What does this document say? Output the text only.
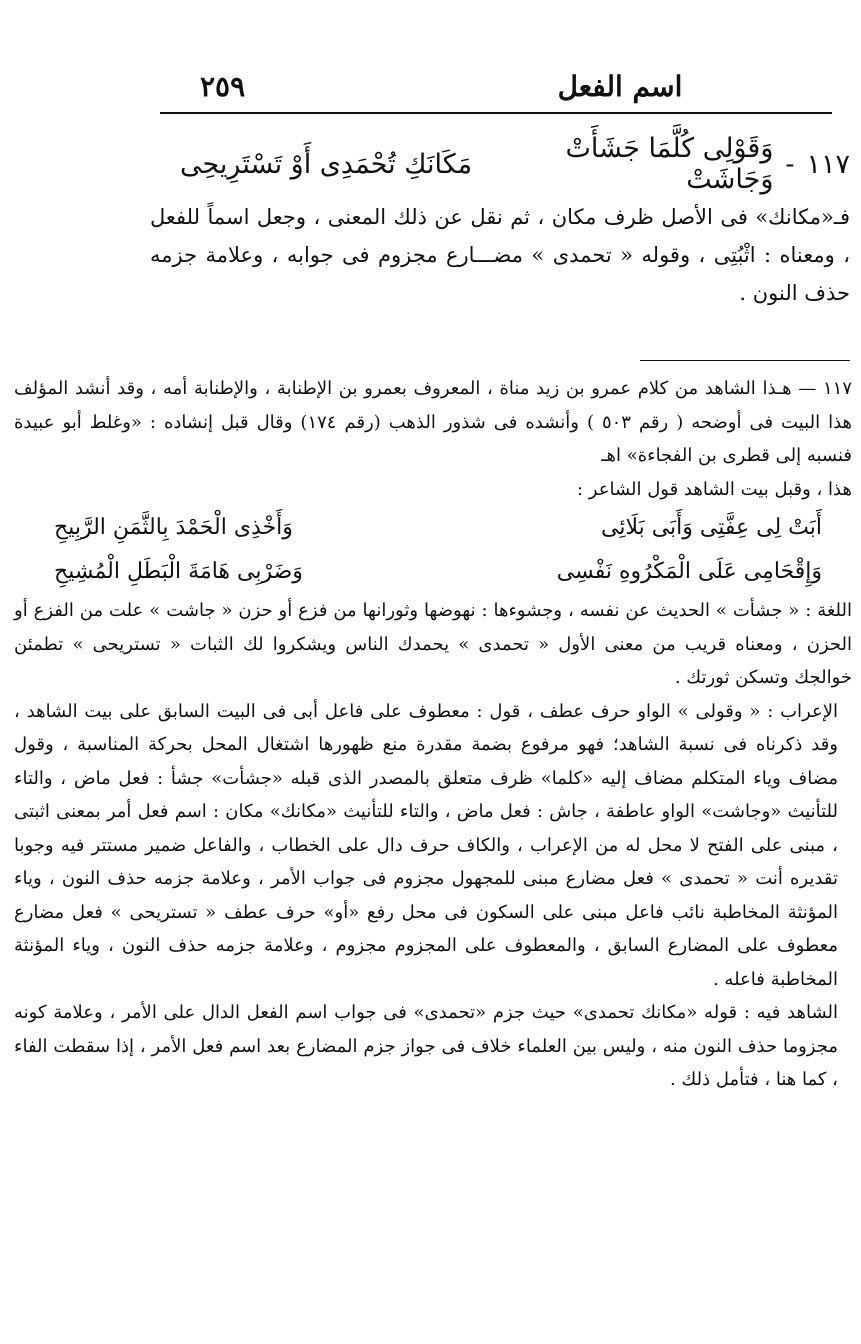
٢٥٩	اسم الفعل
١١٧
-
وَقَوْلِى كُلَّمَا جَشَأَتْ وَجَاشَتْ
مَكَانَكِ تُحْمَدِى أَوْ تَسْتَرِيحِى
فـ«مكانك» فى الأصل ظرف مكان ، ثم نقل عن ذلك المعنى ، وجعل اسماً للفعل ، ومعناه : اثْبُتِى ، وقوله « تحمدى » مضـــارع مجزوم فى جوابه ، وعلامة جزمه حذف النون .

١١٧ — هـذا الشاهد من كلام عمرو بن زيد مناة ، المعروف بعمرو بن الإطنابة ، والإطنابة أمه ، وقد أنشد المؤلف هذا البيت فى أوضحه ( رقم ٥٠٣ ) وأنشده فى شذور الذهب (رقم ١٧٤) وقال قبل إنشاده : «وغلط أبو عبيدة فنسبه إلى قطرى بن الفجاءة» اهـ

هذا ، وقبل بيت الشاهد قول الشاعر :

أَبَتْ لِى عِفَّتِى وَأَبَى بَلَائِى
وَأَخْذِى الْحَمْدَ بِالثَّمَنِ الرَّبِيحِ
وَإِقْحَامِى عَلَى الْمَكْرُوهِ نَفْسِى
وَضَرْبِى هَامَةَ الْبَطَلِ الْمُشِيحِ

اللغة : « جشأت » الحديث عن نفسه ، وجشوءها : نهوضها وثورانها من فزع أو حزن « جاشت » علت من الفزع أو الحزن ، ومعناه قريب من معنى الأول « تحمدى » يحمدك الناس ويشكروا لك الثبات « تستريحى » تطمئن خوالجك وتسكن ثورتك .

الإعراب : « وقولى » الواو حرف عطف ، قول : معطوف على فاعل أبى فى البيت السابق على بيت الشاهد ، وقد ذكرناه فى نسبة الشاهد؛ فهو مرفوع بضمة مقدرة منع ظهورها اشتغال المحل بحركة المناسبة ، وقول مضاف وياء المتكلم مضاف إليه «كلما» ظرف متعلق بالمصدر الذى قبله «جشأت» جشأ : فعل ماض ، والتاء للتأنيث «وجاشت» الواو عاطفة ، جاش : فعل ماض ، والتاء للتأنيث «مكانك» مكان : اسم فعل أمر بمعنى اثبتى ، مبنى على الفتح لا محل له من الإعراب ، والكاف حرف دال على الخطاب ، والفاعل ضمير مستتر فيه وجوبا تقديره أنت « تحمدى » فعل مضارع مبنى للمجهول مجزوم فى جواب الأمر ، وعلامة جزمه حذف النون ، وياء المؤنثة المخاطبة نائب فاعل مبنى على السكون فى محل رفع «أو» حرف عطف « تستريحى » فعل مضارع معطوف على المضارع السابق ، والمعطوف على المجزوم مجزوم ، وعلامة جزمه حذف النون ، وياء المؤنثة المخاطبة فاعله .

الشاهد فيه : قوله «مكانك تحمدى» حيث جزم «تحمدى» فى جواب اسم الفعل الدال على الأمر ، وعلامة كونه مجزوما حذف النون منه ، وليس بين العلماء خلاف فى جواز جزم المضارع بعد اسم فعل الأمر ، إذا سقطت الفاء ، كما هنا ، فتأمل ذلك .
